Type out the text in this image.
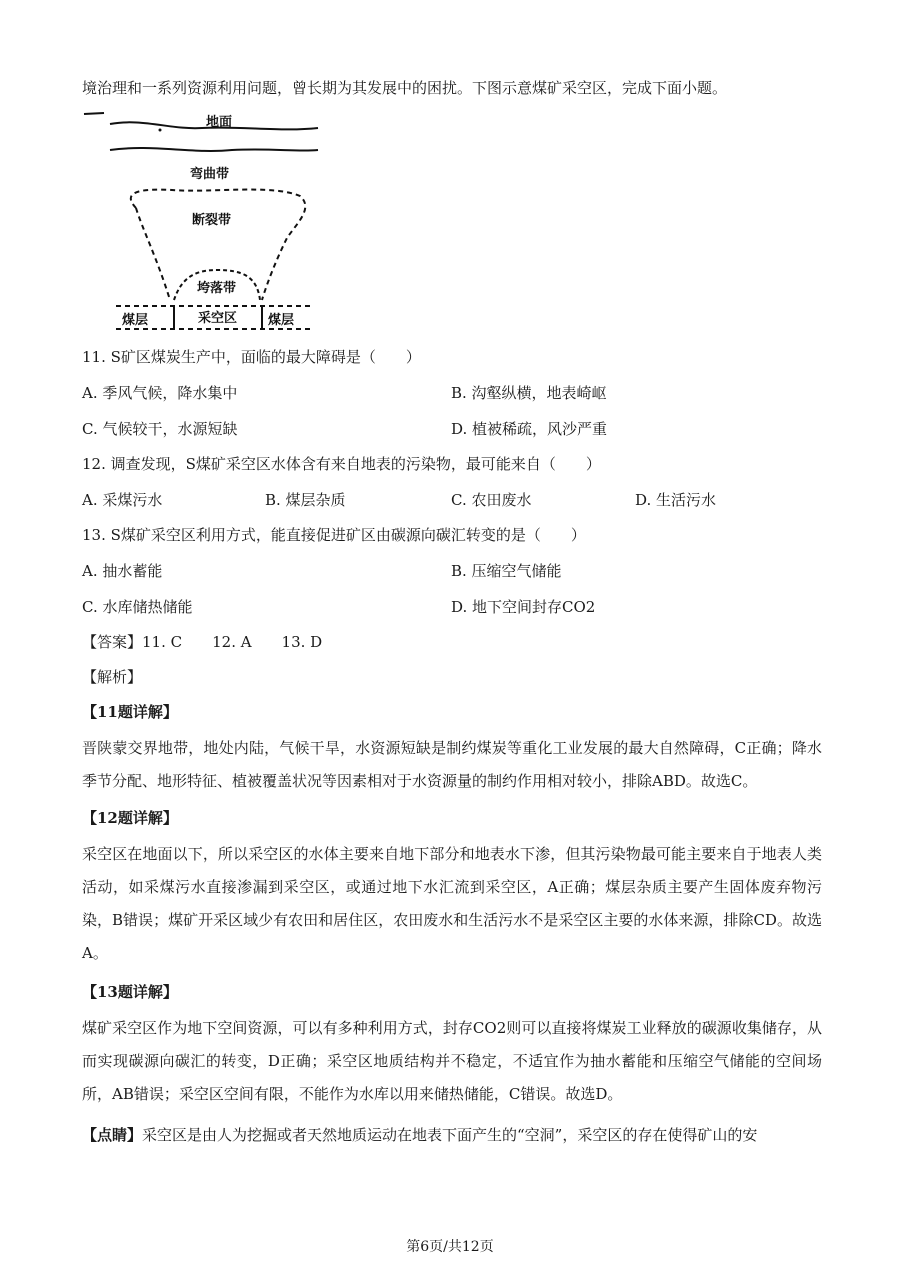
境治理和一系列资源利用问题，曾长期为其发展中的困扰。下图示意煤矿采空区，完成下面小题。
地面
弯曲带
断裂带
垮落带
煤层	采空区 煤层
11. S矿区煤炭生产中，面临的最大障碍是（　　）
A. 季风气候，降水集中	B. 沟壑纵横，地表崎岖
C. 气候较干，水源短缺	D. 植被稀疏，风沙严重
12. 调查发现，S煤矿采空区水体含有来自地表的污染物，最可能来自（　　）
A. 采煤污水	B. 煤层杂质	C. 农田废水	D. 生活污水
13. S煤矿采空区利用方式，能直接促进矿区由碳源向碳汇转变的是（　　）
A. 抽水蓄能	B. 压缩空气储能
C. 水库储热储能	D. 地下空间封存CO2
【答案】11. C　　12. A　　13. D
【解析】
【11题详解】
晋陕蒙交界地带，地处内陆，气候干旱，水资源短缺是制约煤炭等重化工业发展的最大自然障碍，C正确；降水季节分配、地形特征、植被覆盖状况等因素相对于水资源量的制约作用相对较小，排除ABD。故选C。
【12题详解】
采空区在地面以下，所以采空区的水体主要来自地下部分和地表水下渗，但其污染物最可能主要来自于地表人类活动，如采煤污水直接渗漏到采空区，或通过地下水汇流到采空区，A正确；煤层杂质主要产生固体废弃物污染，B错误；煤矿开采区域少有农田和居住区，农田废水和生活污水不是采空区主要的水体来源，排除CD。故选A。
【13题详解】
煤矿采空区作为地下空间资源，可以有多种利用方式，封存CO2则可以直接将煤炭工业释放的碳源收集储存，从而实现碳源向碳汇的转变，D正确；采空区地质结构并不稳定，不适宜作为抽水蓄能和压缩空气储能的空间场所，AB错误；采空区空间有限，不能作为水库以用来储热储能，C错误。故选D。
【点睛】采空区是由人为挖掘或者天然地质运动在地表下面产生的“空洞”，采空区的存在使得矿山的安
第6页/共12页
